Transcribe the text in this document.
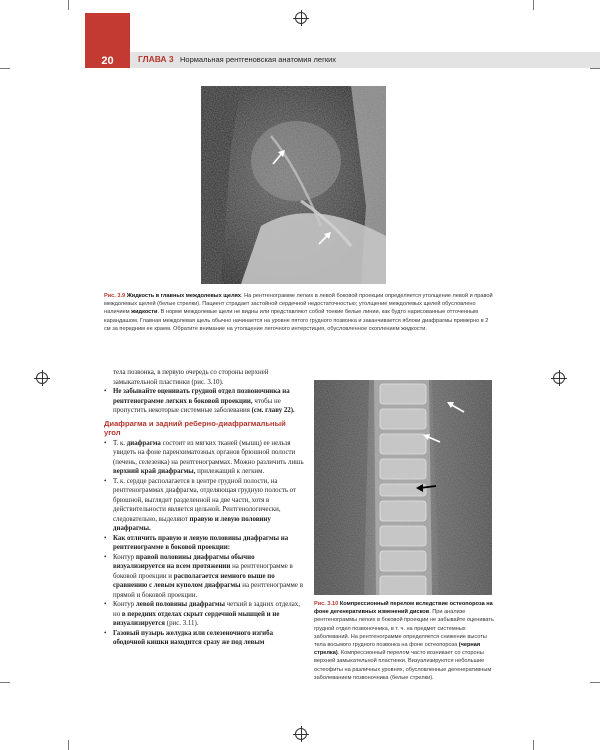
20	ГЛАВА 3 Нормальная рентгеновская анатомия легких
Рис. 3.9 Жидкость в главных междолевых щелях. На рентгенограмме легких в левой боковой проекции определяется утолщение левой и правой междолевых щелей (белые стрелки). Пациент страдает застойной сердечной недостаточностью; утолщение междолевых щелей обусловлено наличием жидкости. В норме междолевые щели не видны или представляют собой тонкие белые линии, как будто нарисованные отточенным карандашом. Главная междолевая щель обычно начинается на уровне пятого грудного позвонка и заканчивается яблоки диафрагмы примерно в 2 см за передним ее краем. Обратите внимание на утолщение легочного интерстиция, обусловленное скоплением жидкости.
Рис. 3.10 Компрессионный перелом вследствие остеопороза на фоне дегенеративных изменений дисков. При анализе рентгенограммы легких в боковой проекции не забывайте оценивать грудной отдел позвоночника, в т. ч. на предмет системных заболеваний. На рентгенограмме определяется снижение высоты тела восьмого грудного позвонка на фоне остеопороза (черная стрелка). Компрессионный перелом часто возникает со стороны верхней замыкательной пластинки. Визуализируются небольшие остеофиты на различных уровнях, обусловленные дегенеративным заболеванием позвоночника (белые стрелки).

тела позвонка, в первую очередь со стороны верхней замыкательной пластинки (рис. 3.10).

• Не забывайте оценивать грудной отдел позвоночника на рентгенограмме легких в боковой проекции, чтобы не пропустить некоторые системные заболевания (см. главу 22).
Диафрагма и задний реберно-диафрагмальный угол
• Т. к. диафрагма состоит из мягких тканей (мышц) ее нельзя увидеть на фоне паренхиматозных органов брюшной полости (печень, селезенка) на рентгенограммах. Можно различить лишь верхний край диафрагмы, прилежащий к легким.
• Т. к. сердце располагается в центре грудной полости, на рентгенограммах диафрагма, отделяющая грудную полость от брюшной, выглядит разделенной на две части, хотя в действительности является цельной. Рентгенологически, следовательно, выделяют правую и левую половину диафрагмы.
• Как отличить правую и левую половины диафрагмы на рентгенограмме в боковой проекции:
• Контур правой половины диафрагмы обычно визуализируется на всем протяжении на рентгенограмме в боковой проекции и располагается немного выше по сравнению с левым куполом диафрагмы на рентгенограмме в прямой и боковой проекции.
• Контур левой половины диафрагмы четкий в задних отделах, но в передних отделах скрыт сердечной мышцей и не визуализируется (рис. 3.11).
• Газовый пузырь желудка или селезеночного изгиба ободочной кишки находится сразу же под левым
